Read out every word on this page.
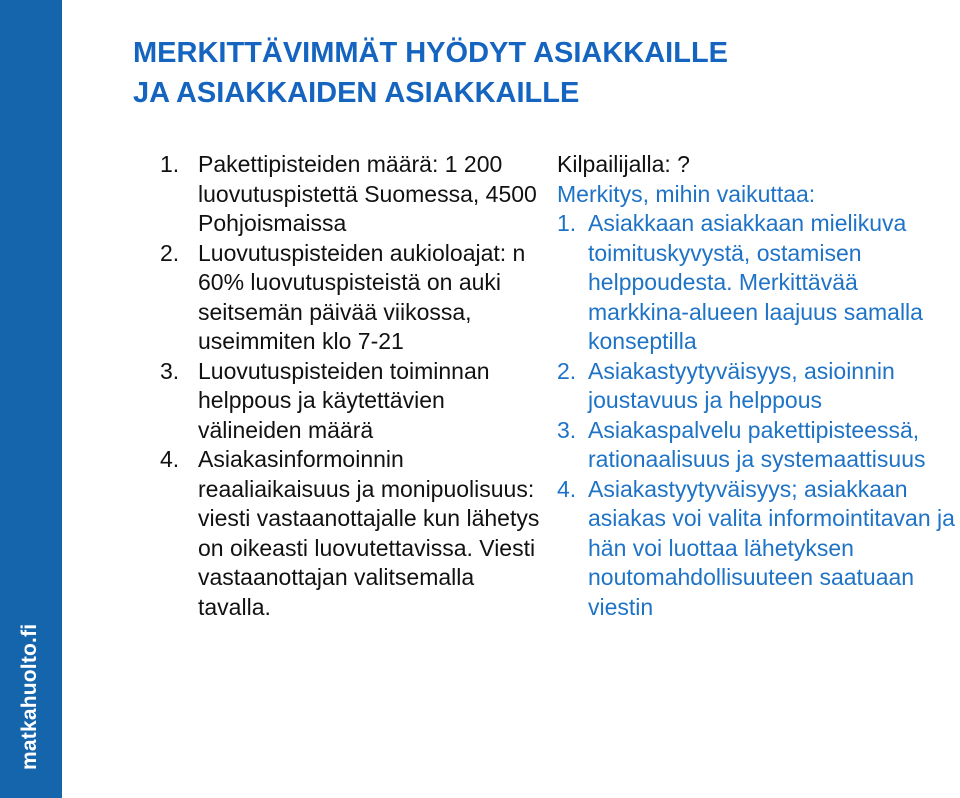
matkahuolto.fi
MERKITTÄVIMMÄT HYÖDYT ASIAKKAILLE
JA ASIAKKAIDEN ASIAKKAILLE
1. Pakettipisteiden määrä: 1 200 luovutuspistettä Suomessa, 4500 Pohjoismaissa
2. Luovutuspisteiden aukioloajat: n 60% luovutuspisteistä on auki seitsemän päivää viikossa, useimmiten klo 7-21
3. Luovutuspisteiden toiminnan helppous ja käytettävien välineiden määrä
4. Asiakasinformoinnin reaaliaikaisuus ja monipuolisuus: viesti vastaanottajalle kun lähetys on oikeasti luovutettavissa. Viesti vastaanottajan valitsemalla tavalla.

Kilpailijalla: ?

Merkitys, mihin vaikuttaa:

1. Asiakkaan asiakkaan mielikuva toimituskyvystä, ostamisen helppoudesta. Merkittävää markkina-alueen laajuus samalla konseptilla
2. Asiakastyytyväisyys, asioinnin joustavuus ja helppous
3. Asiakaspalvelu pakettipisteessä, rationaalisuus ja systemaattisuus
4. Asiakastyytyväisyys; asiakkaan asiakas voi valita informointitavan ja hän voi luottaa lähetyksen noutomahdollisuuteen saatuaan viestin
